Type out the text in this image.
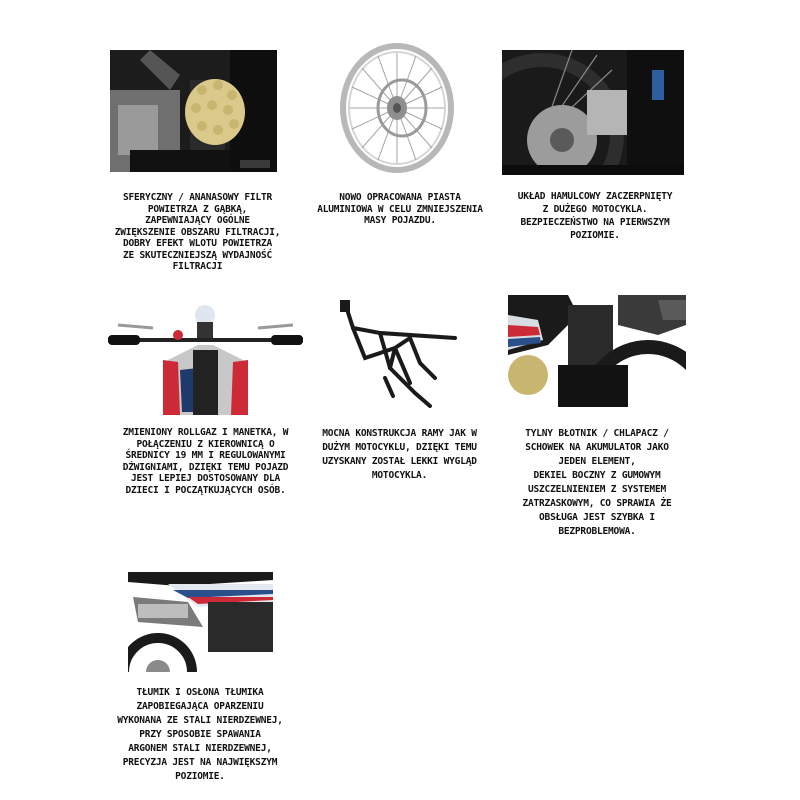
SFERYCZNY / ANANASOWY FILTR
POWIETRZA Z GĄBKĄ,
ZAPEWNIAJĄCY OGÓLNE
ZWIĘKSZENIE OBSZARU FILTRACJI,
DOBRY EFEKT WLOTU POWIETRZA
ZE SKUTECZNIEJSZĄ WYDAJNOŚĆ
FILTRACJI
NOWO OPRACOWANA PIASTA
ALUMINIOWA W CELU ZMNIEJSZENIA
MASY POJAZDU.
UKŁAD HAMULCOWY ZACZERPNIĘTY
Z DUŻEGO MOTOCYKLA.
BEZPIECZEŃSTWO NA PIERWSZYM
POZIOMIE.
ZMIENIONY ROLLGAZ I MANETKA, W
POŁĄCZENIU Z KIEROWNICĄ O
ŚREDNICY 19 MM I REGULOWANYMI
DŹWIGNIAMI, DZIĘKI TEMU POJAZD
JEST LEPIEJ DOSTOSOWANY DLA
DZIECI I POCZĄTKUJĄCYCH OSÓB.
MOCNA KONSTRUKCJA RAMY JAK W
DUŻYM MOTOCYKLU, DZIĘKI TEMU
UZYSKANY ZOSTAŁ LEKKI WYGLĄD
MOTOCYKLA.
TYLNY BŁOTNIK / CHLAPACZ /
SCHOWEK NA AKUMULATOR JAKO
JEDEN ELEMENT,
DEKIEL BOCZNY Z GUMOWYM
USZCZELNIENIEM Z SYSTEMEM
ZATRZASKOWYM, CO SPRAWIA ŻE
OBSŁUGA JEST SZYBKA I
BEZPROBLEMOWA.
TŁUMIK I OSŁONA TŁUMIKA
ZAPOBIEGAJĄCA OPARZENIU
WYKONANA ZE STALI NIERDZEWNEJ,
PRZY SPOSOBIE SPAWANIA
ARGONEM STALI NIERDZEWNEJ,
PRECYZJA JEST NA NAJWIĘKSZYM
POZIOMIE.
